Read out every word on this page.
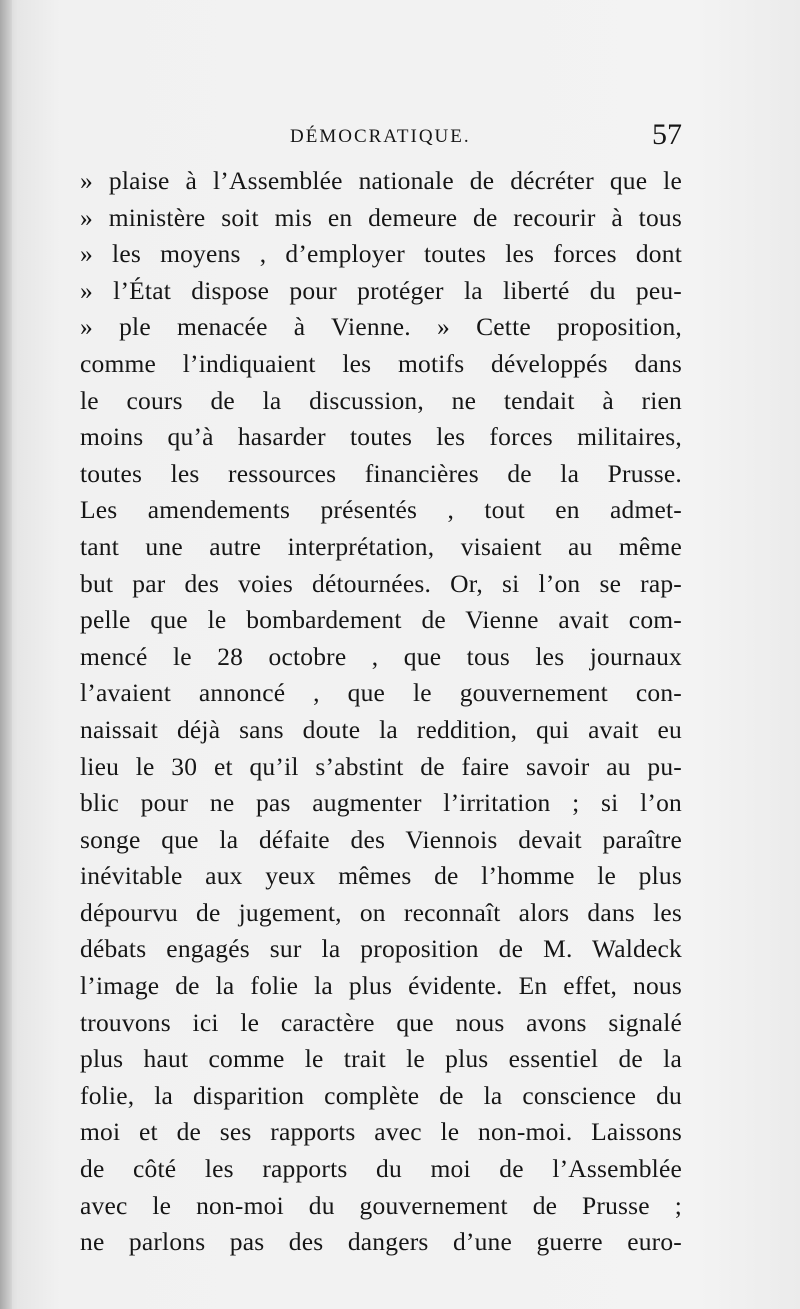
DÉMOCRATIQUE.	57
» plaise à l’Assemblée nationale de décréter que le
» ministère soit mis en demeure de recourir à tous
» les moyens , d’employer toutes les forces dont
» l’État dispose pour protéger la liberté du peu-
» ple menacée à Vienne. » Cette proposition,
comme l’indiquaient les motifs développés dans
le cours de la discussion, ne tendait à rien
moins qu’à hasarder toutes les forces militaires,
toutes les ressources financières de la Prusse.
Les amendements présentés , tout en admet-
tant une autre interprétation, visaient au même
but par des voies détournées. Or, si l’on se rap-
pelle que le bombardement de Vienne avait com-
mencé le 28 octobre , que tous les journaux
l’avaient annoncé , que le gouvernement con-
naissait déjà sans doute la reddition, qui avait eu
lieu le 30 et qu’il s’abstint de faire savoir au pu-
blic pour ne pas augmenter l’irritation ; si l’on
songe que la défaite des Viennois devait paraître
inévitable aux yeux mêmes de l’homme le plus
dépourvu de jugement, on reconnaît alors dans les
débats engagés sur la proposition de M. Waldeck
l’image de la folie la plus évidente. En effet, nous
trouvons ici le caractère que nous avons signalé
plus haut comme le trait le plus essentiel de la
folie, la disparition complète de la conscience du
moi et de ses rapports avec le non-moi. Laissons
de côté les rapports du moi de l’Assemblée
avec le non-moi du gouvernement de Prusse ;
ne parlons pas des dangers d’une guerre euro-
